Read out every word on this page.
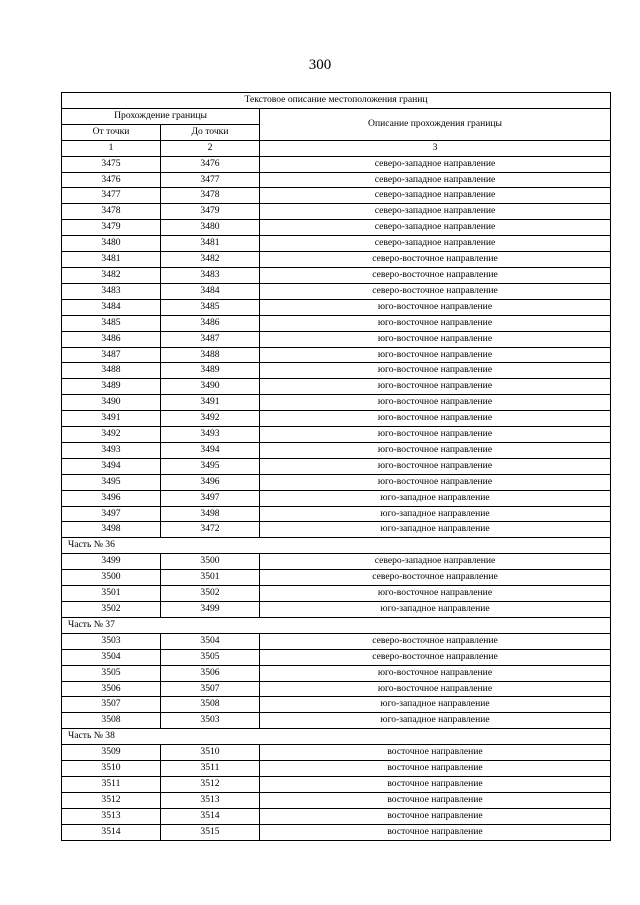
300
Текстовое описание местоположения границ		
Прохождение границы		Описание прохождения границы
От точки	До точки	
1	2	3
3475	3476	северо-западное направление
3476	3477	северо-западное направление
3477	3478	северо-западное направление
3478	3479	северо-западное направление
3479	3480	северо-западное направление
3480	3481	северо-западное направление
3481	3482	северо-восточное направление
3482	3483	северо-восточное направление
3483	3484	северо-восточное направление
3484	3485	юго-восточное направление
3485	3486	юго-восточное направление
3486	3487	юго-восточное направление
3487	3488	юго-восточное направление
3488	3489	юго-восточное направление
3489	3490	юго-восточное направление
3490	3491	юго-восточное направление
3491	3492	юго-восточное направление
3492	3493	юго-восточное направление
3493	3494	юго-восточное направление
3494	3495	юго-восточное направление
3495	3496	юго-восточное направление
3496	3497	юго-западное направление
3497	3498	юго-западное направление
3498	3472	юго-западное направление
Часть № 36		
3499	3500	северо-западное направление
3500	3501	северо-восточное направление
3501	3502	юго-восточное направление
3502	3499	юго-западное направление
Часть № 37		
3503	3504	северо-восточное направление
3504	3505	северо-восточное направление
3505	3506	юго-восточное направление
3506	3507	юго-восточное направление
3507	3508	юго-западное направление
3508	3503	юго-западное направление
Часть № 38		
3509	3510	восточное направление
3510	3511	восточное направление
3511	3512	восточное направление
3512	3513	восточное направление
3513	3514	восточное направление
3514	3515	восточное направление
